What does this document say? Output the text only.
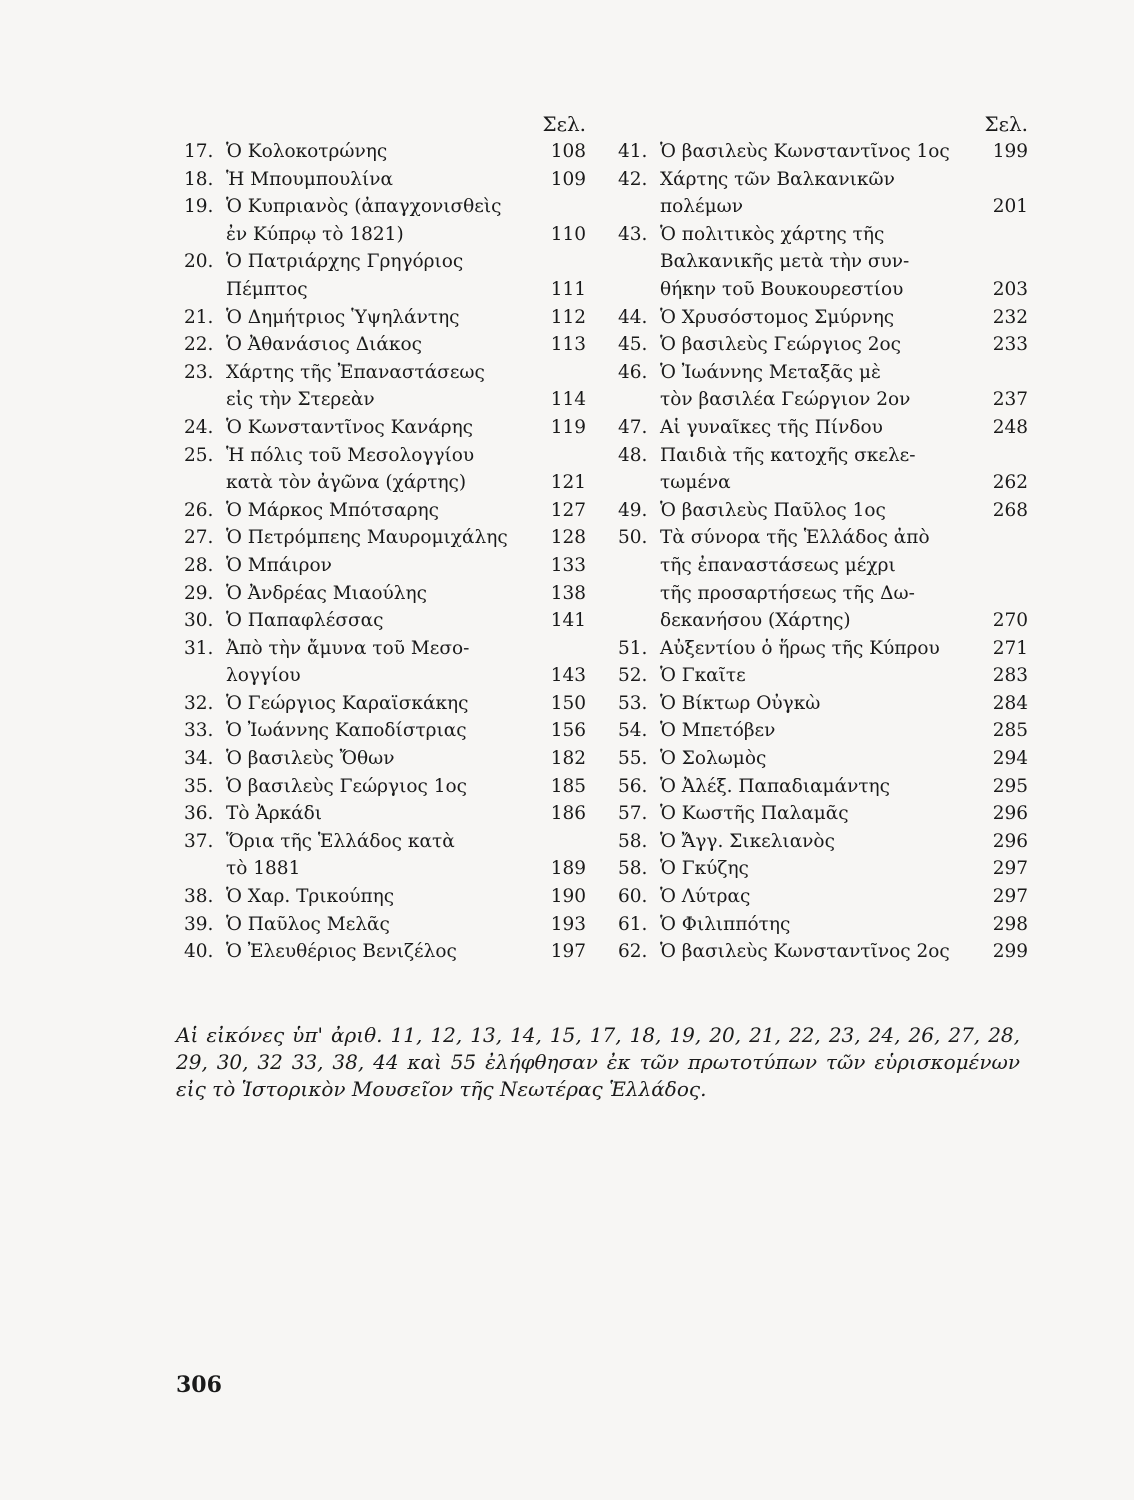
Σελ.
17. Ὁ Κολοκοτρώνης	108
18. Ἡ Μπουμπουλίνα	109
19. Ὁ Κυπριανὸς (ἀπαγχονισθεὶς
ἐν Κύπρῳ τὸ 1821)	110
20. Ὁ Πατριάρχης Γρηγόριος
Πέμπτος	111
21. Ὁ Δημήτριος Ὑψηλάντης	112
22. Ὁ Ἀθανάσιος Διάκος	113
23. Χάρτης τῆς Ἐπαναστάσεως
εἰς τὴν Στερεὰν	114
24. Ὁ Κωνσταντῖνος Κανάρης	119
25. Ἡ πόλις τοῦ Μεσολογγίου
κατὰ τὸν ἀγῶνα (χάρτης)	121
26. Ὁ Μάρκος Μπότσαρης	127
27. Ὁ Πετρόμπεης Μαυρομιχάλης 128
28. Ὁ Μπάιρον	133
29. Ὁ Ἀνδρέας Μιαούλης	138
30. Ὁ Παπαφλέσσας	141
31. Ἀπὸ τὴν ἄμυνα τοῦ Μεσο-
λογγίου	143
32. Ὁ Γεώργιος Καραϊσκάκης	150
33. Ὁ Ἰωάννης Καποδίστριας	156
34. Ὁ βασιλεὺς Ὄθων	182
35. Ὁ βασιλεὺς Γεώργιος 1ος	185
36. Τὸ Ἀρκάδι	186
37. Ὅρια τῆς Ἑλλάδος κατὰ
τὸ 1881	189
38. Ὁ Χαρ. Τρικούπης	190
39. Ὁ Παῦλος Μελᾶς	193
40. Ὁ Ἐλευθέριος Βενιζέλος	197
Σελ.
41. Ὁ βασιλεὺς Κωνσταντῖνος 1ος 199
42. Χάρτης τῶν Βαλκανικῶν
πολέμων	201
43. Ὁ πολιτικὸς χάρτης τῆς
Βαλκανικῆς μετὰ τὴν συν-
θήκην τοῦ Βουκουρεστίου	203
44. Ὁ Χρυσόστομος Σμύρνης	232
45. Ὁ βασιλεὺς Γεώργιος 2ος	233
46. Ὁ Ἰωάννης Μεταξᾶς μὲ
τὸν βασιλέα Γεώργιον 2ον	237
47. Αἱ γυναῖκες τῆς Πίνδου	248
48. Παιδιὰ τῆς κατοχῆς σκελε-
τωμένα	262
49. Ὁ βασιλεὺς Παῦλος 1ος	268
50. Τὰ σύνορα τῆς Ἑλλάδος ἀπὸ
τῆς ἐπαναστάσεως μέχρι
τῆς προσαρτήσεως τῆς Δω-
δεκανήσου (Χάρτης)	270
51. Αὐξεντίου ὁ ἥρως τῆς Κύπρου	271
52. Ὁ Γκαῖτε	283
53. Ὁ Βίκτωρ Οὐγκὼ	284
54. Ὁ Μπετόβεν	285
55. Ὁ Σολωμὸς	294
56. Ὁ Ἀλέξ. Παπαδιαμάντης	295
57. Ὁ Κωστῆς Παλαμᾶς	296
58. Ὁ Ἄγγ. Σικελιανὸς	296
58. Ὁ Γκύζης	297
60. Ὁ Λύτρας	297
61. Ὁ Φιλιππότης	298
62. Ὁ βασιλεὺς Κωνσταντῖνος 2ος 299
Αἱ εἰκόνες ὑπ' ἀριθ. 11, 12, 13, 14, 15, 17, 18, 19, 20, 21, 22, 23, 24, 26, 27, 28, 29, 30, 32 33, 38, 44 καὶ 55 ἐλήφθησαν ἐκ τῶν πρωτοτύπων τῶν εὑρισκομένων εἰς τὸ Ἱστορικὸν Μουσεῖον τῆς Νεωτέρας Ἑλλάδος.
306
